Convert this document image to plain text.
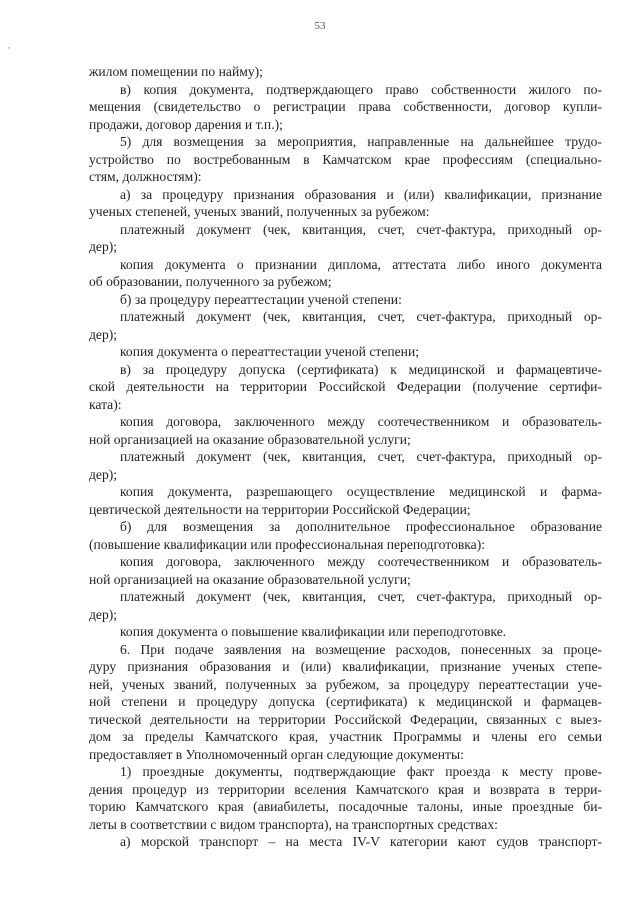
53
'
жилом помещении по найму);
в) копия документа, подтверждающего право собственности жилого по-
мещения (свидетельство о регистрации права собственности, договор купли-
продажи, договор дарения и т.п.);
5) для возмещения за мероприятия, направленные на дальнейшее трудо-
устройство по востребованным в Камчатском крае профессиям (специально-
стям, должностям):
а) за процедуру признания образования и (или) квалификации, признание
ученых степеней, ученых званий, полученных за рубежом:
платежный документ (чек, квитанция, счет, счет-фактура, приходный ор-
дер);
копия документа о признании диплома, аттестата либо иного документа
об образовании, полученного за рубежом;
б) за процедуру переаттестации ученой степени:
платежный документ (чек, квитанция, счет, счет-фактура, приходный ор-
дер);
копия документа о переаттестации ученой степени;
в) за процедуру допуска (сертификата) к медицинской и фармацевтиче-
ской деятельности на территории Российской Федерации (получение сертифи-
ката):
копия договора, заключенного между соотечественником и образователь-
ной организацией на оказание образовательной услуги;
платежный документ (чек, квитанция, счет, счет-фактура, приходный ор-
дер);
копия документа, разрешающего осуществление медицинской и фарма-
цевтической деятельности на территории Российской Федерации;
б) для возмещения за дополнительное профессиональное образование
(повышение квалификации или профессиональная переподготовка):
копия договора, заключенного между соотечественником и образователь-
ной организацией на оказание образовательной услуги;
платежный документ (чек, квитанция, счет, счет-фактура, приходный ор-
дер);
копия документа о повышение квалификации или переподготовке.
6. При подаче заявления на возмещение расходов, понесенных за проце-
дуру признания образования и (или) квалификации, признание ученых степе-
ней, ученых званий, полученных за рубежом, за процедуру переаттестации уче-
ной степени и процедуру допуска (сертификата) к медицинской и фармацев-
тической деятельности на территории Российской Федерации, связанных с выез-
дом за пределы Камчатского края, участник Программы и члены его семьи
предоставляет в Уполномоченный орган следующие документы:
1) проездные документы, подтверждающие факт проезда к месту прове-
дения процедур из территории вселения Камчатского края и возврата в терри-
торию Камчатского края (авиабилеты, посадочные талоны, иные проездные би-
леты в соответствии с видом транспорта), на транспортных средствах:
а) морской транспорт – на места IV-V категории кают судов транспорт-
